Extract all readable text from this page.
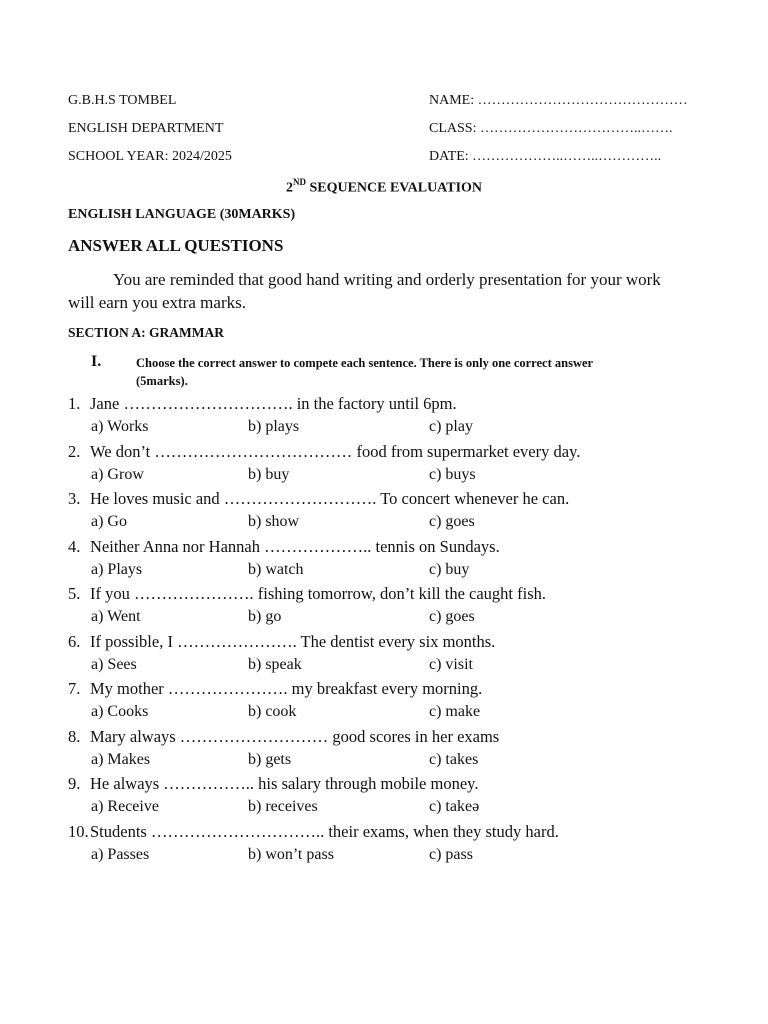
G.B.H.S TOMBEL
ENGLISH DEPARTMENT
SCHOOL YEAR: 2024/2025
NAME: ………………………………………
CLASS: ……………………………..…….
DATE: ………………..……..…………..
2ND SEQUENCE EVALUATION
ENGLISH LANGUAGE (30MARKS)
ANSWER ALL QUESTIONS
You are reminded that good hand writing and orderly presentation for your work
will earn you extra marks.
SECTION A: GRAMMAR
I.	Choose the correct answer to compete each sentence. There is only one correct answer
(5marks).
1. Jane …………………………. in the factory until 6pm.
a) Works	b) plays	c) play
2. We don’t ……………………………… food from supermarket every day.
a) Grow	b) buy	c) buys
3. He loves music and ………………………. To concert whenever he can.
a) Go	b) show	c) goes
4. Neither Anna nor Hannah ……………….. tennis on Sundays.
a) Plays	b) watch	c) buy
5. If you …………………. fishing tomorrow, don’t kill the caught fish.
a) Went	b) go	c) goes
6. If possible, I …………………. The dentist every six months.
a) Sees	b) speak	c) visit
7. My mother …………………. my breakfast every morning.
a) Cooks	b) cook	c) make
8. Mary always ……………………… good scores in her exams
a) Makes	b) gets	c) takes
9. He always …………….. his salary through mobile money.
a) Receive	b) receives	c) takeə
10. Students ………………………….. their exams, when they study hard.
a) Passes	b) won’t pass	c) pass
